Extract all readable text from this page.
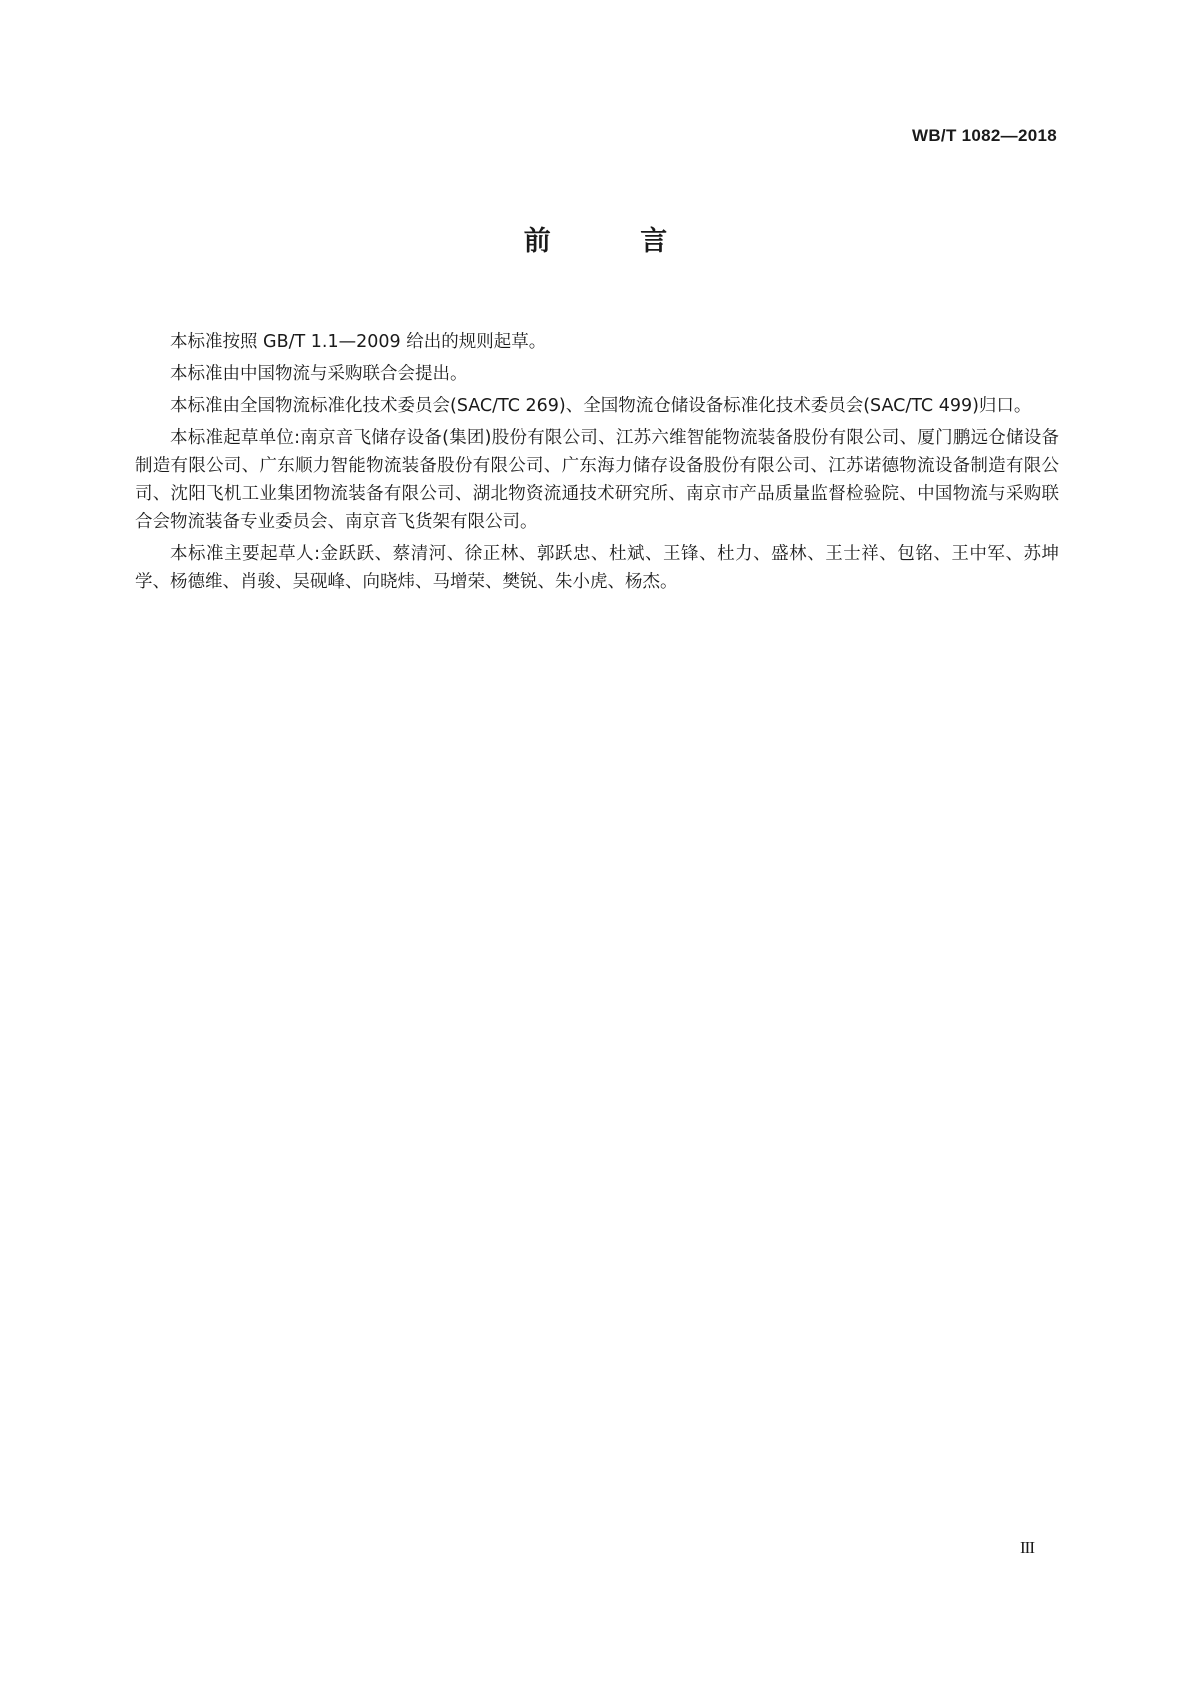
WB/T 1082—2018
前 言

本标准按照 GB/T 1.1—2009 给出的规则起草。

本标准由中国物流与采购联合会提出。

本标准由全国物流标准化技术委员会(SAC/TC 269)、全国物流仓储设备标准化技术委员会(SAC/TC 499)归口。

本标准起草单位:南京音飞储存设备(集团)股份有限公司、江苏六维智能物流装备股份有限公司、厦门鹏远仓储设备制造有限公司、广东顺力智能物流装备股份有限公司、广东海力储存设备股份有限公司、江苏诺德物流设备制造有限公司、沈阳飞机工业集团物流装备有限公司、湖北物资流通技术研究所、南京市产品质量监督检验院、中国物流与采购联合会物流装备专业委员会、南京音飞货架有限公司。

本标准主要起草人:金跃跃、蔡清河、徐正林、郭跃忠、杜斌、王锋、杜力、盛林、王士祥、包铭、王中军、苏坤学、杨德维、肖骏、吴砚峰、向晓炜、马增荣、樊锐、朱小虎、杨杰。

III
